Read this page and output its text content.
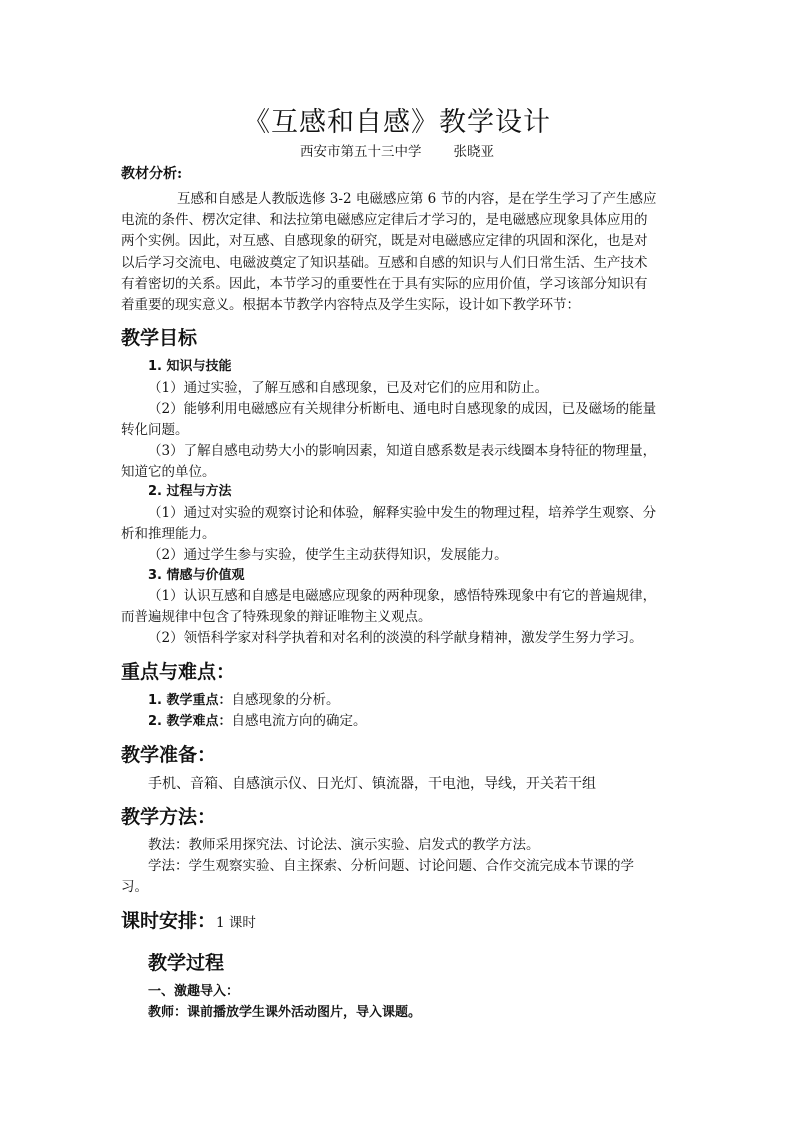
《互感和自感》教学设计
西安市第五十三中学 张晓亚
教材分析:
互感和自感是人教版选修 3-2 电磁感应第 6 节的内容，是在学生学习了产生感应
电流的条件、楞次定律、和法拉第电磁感应定律后才学习的，是电磁感应现象具体应用的
两个实例。因此，对互感、自感现象的研究，既是对电磁感应定律的巩固和深化，也是对
以后学习交流电、电磁波奠定了知识基础。互感和自感的知识与人们日常生活、生产技术
有着密切的关系。因此，本节学习的重要性在于具有实际的应用价值，学习该部分知识有
着重要的现实意义。根据本节教学内容特点及学生实际，设计如下教学环节：
教学目标
1. 知识与技能
（1）通过实验，了解互感和自感现象，已及对它们的应用和防止。
（2）能够利用电磁感应有关规律分析断电、通电时自感现象的成因，已及磁场的能量
转化问题。
（3）了解自感电动势大小的影响因素，知道自感系数是表示线圈本身特征的物理量，
知道它的单位。
2. 过程与方法
（1）通过对实验的观察讨论和体验，解释实验中发生的物理过程，培养学生观察、分
析和推理能力。
（2）通过学生参与实验，使学生主动获得知识，发展能力。
3. 情感与价值观
（1）认识互感和自感是电磁感应现象的两种现象，感悟特殊现象中有它的普遍规律，
而普遍规律中包含了特殊现象的辩证唯物主义观点。
（2）领悟科学家对科学执着和对名利的淡漠的科学献身精神，激发学生努力学习。
重点与难点：
1. 教学重点：自感现象的分析。
2. 教学难点：自感电流方向的确定。
教学准备：
手机、音箱、自感演示仪、日光灯、镇流器，干电池，导线，开关若干组
教学方法：
教法：教师采用探究法、讨论法、演示实验、启发式的教学方法。
学法：学生观察实验、自主探索、分析问题、讨论问题、合作交流完成本节课的学
习。
课时安排：1 课时
教学过程
一、激趣导入：
教师：课前播放学生课外活动图片，导入课题。
